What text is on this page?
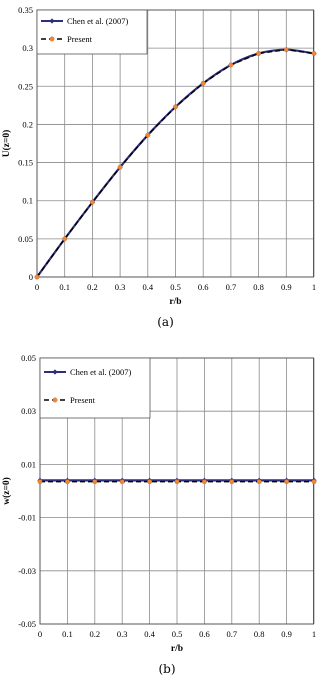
0 0.1 0.2 0.3 0.4 0.5 0.6 0.7 0.8 0.9 1
0
0.05
0.1
0.15
0.2
0.25
0.3
0.35
Chen et al. (2007)
Present
r/b
U(z=0)
(a)
0 0.1 0.2 0.3 0.4 0.5 0.6 0.7 0.8 0.9 1
-0.05
-0.03
-0.01
0.01
0.03
0.05
Chen et al. (2007)
Present
r/b
w(z=0)
(b)
